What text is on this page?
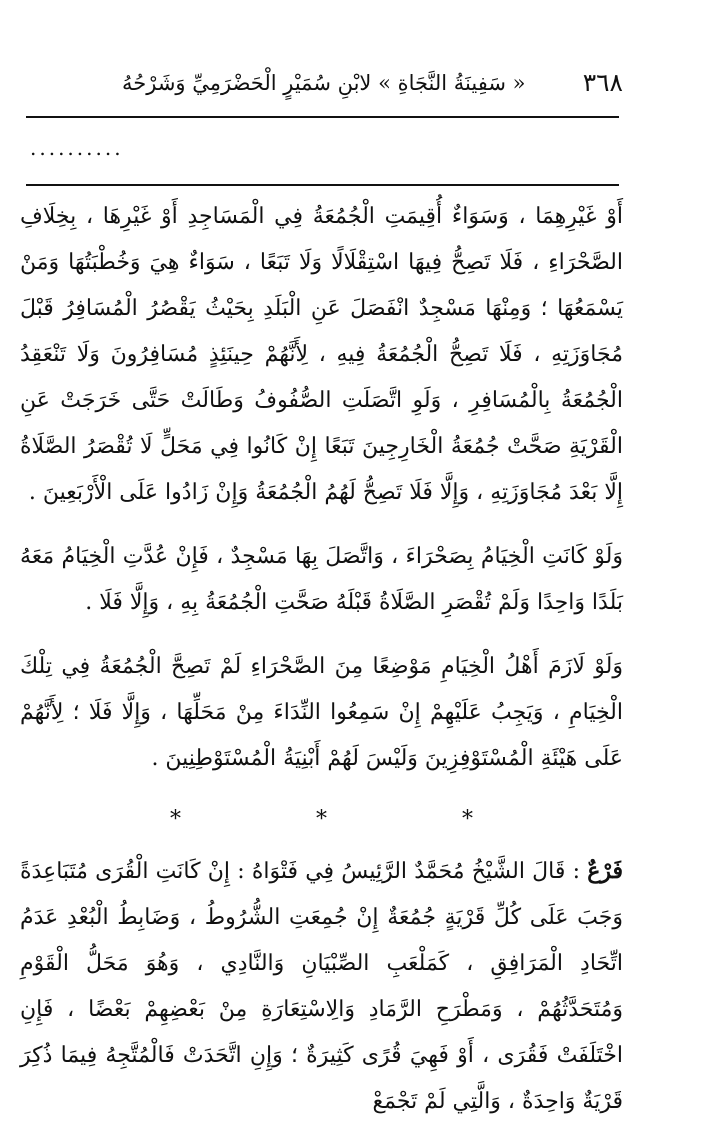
٣٦٨
« سَفِينَةُ النَّجَاةِ » لابْنِ سُمَيْرٍ الْحَضْرَمِيِّ وَشَرْحُهُ
..........

أَوْ غَيْرِهِمَا ، وَسَوَاءٌ أُقِيمَتِ الْجُمُعَةُ فِي الْمَسَاجِدِ أَوْ غَيْرِهَا ، بِخِلَافِ الصَّحْرَاءِ ، فَلَا تَصِحُّ فِيهَا اسْتِقْلَالًا وَلَا تَبَعًا ، سَوَاءٌ هِيَ وَخُطْبَتُهَا وَمَنْ يَسْمَعُهَا ؛ وَمِنْهَا مَسْجِدٌ انْفَصَلَ عَنِ الْبَلَدِ بِحَيْثُ يَقْصُرُ الْمُسَافِرُ قَبْلَ مُجَاوَزَتِهِ ، فَلَا تَصِحُّ الْجُمُعَةُ فِيهِ ، لِأَنَّهُمْ حِينَئِذٍ مُسَافِرُونَ وَلَا تَنْعَقِدُ الْجُمُعَةُ بِالْمُسَافِرِ ، وَلَوِ اتَّصَلَتِ الصُّفُوفُ وَطَالَتْ حَتَّى خَرَجَتْ عَنِ الْقَرْيَةِ صَحَّتْ جُمُعَةُ الْخَارِجِينَ تَبَعًا إِنْ كَانُوا فِي مَحَلٍّ لَا تُقْصَرُ الصَّلَاةُ إِلَّا بَعْدَ مُجَاوَزَتِهِ ، وَإِلَّا فَلَا تَصِحُّ لَهُمُ الْجُمُعَةُ وَإِنْ زَادُوا عَلَى الْأَرْبَعِينَ .

وَلَوْ كَانَتِ الْخِيَامُ بِصَحْرَاءَ ، وَاتَّصَلَ بِهَا مَسْجِدٌ ، فَإِنْ عُدَّتِ الْخِيَامُ مَعَهُ بَلَدًا وَاحِدًا وَلَمْ تُقْصَرِ الصَّلَاةُ قَبْلَهُ صَحَّتِ الْجُمُعَةُ بِهِ ، وَإِلَّا فَلَا .

وَلَوْ لَازَمَ أَهْلُ الْخِيَامِ مَوْضِعًا مِنَ الصَّحْرَاءِ لَمْ تَصِحَّ الْجُمُعَةُ فِي تِلْكَ الْخِيَامِ ، وَيَجِبُ عَلَيْهِمْ إِنْ سَمِعُوا النِّدَاءَ مِنْ مَحَلِّهَا ، وَإِلَّا فَلَا ؛ لِأَنَّهُمْ عَلَى هَيْئَةِ الْمُسْتَوْفِزِينَ وَلَيْسَ لَهُمْ أَبْنِيَةُ الْمُسْتَوْطِنِينَ .

* * *

فَرْعٌ : قَالَ الشَّيْخُ مُحَمَّدٌ الرَّئِيسُ فِي فَتْوَاهُ : إِنْ كَانَتِ الْقُرَى مُتَبَاعِدَةً وَجَبَ عَلَى كُلِّ قَرْيَةٍ جُمُعَةٌ إِنْ جُمِعَتِ الشُّرُوطُ ، وَضَابِطُ الْبُعْدِ عَدَمُ اتِّحَادِ الْمَرَافِقِ ، كَمَلْعَبِ الصِّبْيَانِ وَالنَّادِي ، وَهُوَ مَحَلُّ الْقَوْمِ وَمُتَحَدَّثُهُمْ ، وَمَطْرَحِ الرَّمَادِ وَالِاسْتِعَارَةِ مِنْ بَعْضِهِمْ بَعْضًا ، فَإِنِ اخْتَلَفَتْ فَقُرَى ، أَوْ فَهِيَ قُرًى كَثِيرَةٌ ؛ وَإِنِ اتَّحَدَتْ فَالْمُتَّجِهُ فِيمَا ذُكِرَ قَرْيَةٌ وَاحِدَةٌ ، وَالَّتِي لَمْ تَجْمَعْ
